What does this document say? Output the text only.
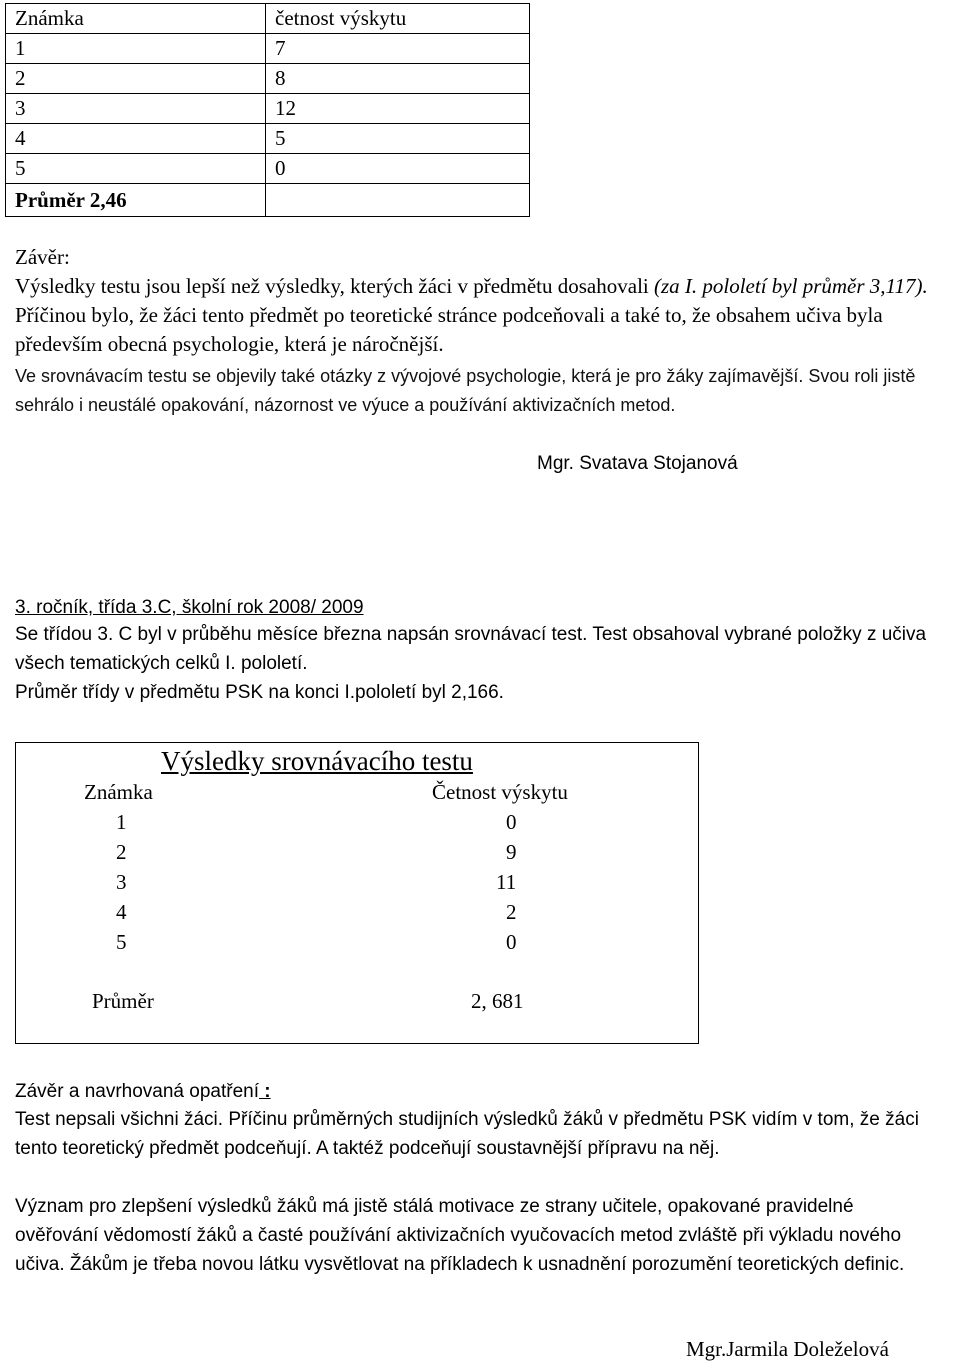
Známka	četnost výskytu
1	7
2	8
3	12
4	5
5	0
Průměr 2,46	
Závěr:
Výsledky testu jsou lepší než výsledky, kterých žáci v předmětu dosahovali (za I. pololetí byl průměr 3,117). Příčinou bylo, že žáci tento předmět po teoretické stránce podceňovali a také to, že obsahem učiva byla především obecná psychologie, která je náročnější.
Ve srovnávacím testu se objevily také otázky z vývojové psychologie, která je pro žáky zajímavější. Svou roli jistě sehrálo i neustálé opakování, názornost ve výuce a používání aktivizačních metod.
Mgr. Svatava Stojanová
3. ročník, třída 3.C, školní rok 2008/ 2009
Se třídou 3. C byl v průběhu měsíce března napsán srovnávací test. Test obsahoval vybrané položky z učiva všech tematických celků I. pololetí.
Průměr třídy v předmětu PSK na konci I.pololetí byl 2,166.
Výsledky srovnávacího testu
Známka	Četnost výskytu
1	0
2	9
3	11
4	2
5	0
Průměr	2, 681
Závěr a navrhovaná opatření :
Test nepsali všichni žáci. Příčinu průměrných studijních výsledků žáků v předmětu PSK vidím v tom, že žáci tento teoretický předmět podceňují. A taktéž podceňují soustavnější přípravu na něj.
Význam pro zlepšení výsledků žáků má jistě stálá motivace ze strany učitele, opakované pravidelné ověřování vědomostí žáků a časté používání aktivizačních vyučovacích metod zvláště při výkladu nového učiva. Žákům je třeba novou látku vysvětlovat na příkladech k usnadnění porozumění teoretických definic.
Mgr.Jarmila Doleželová
